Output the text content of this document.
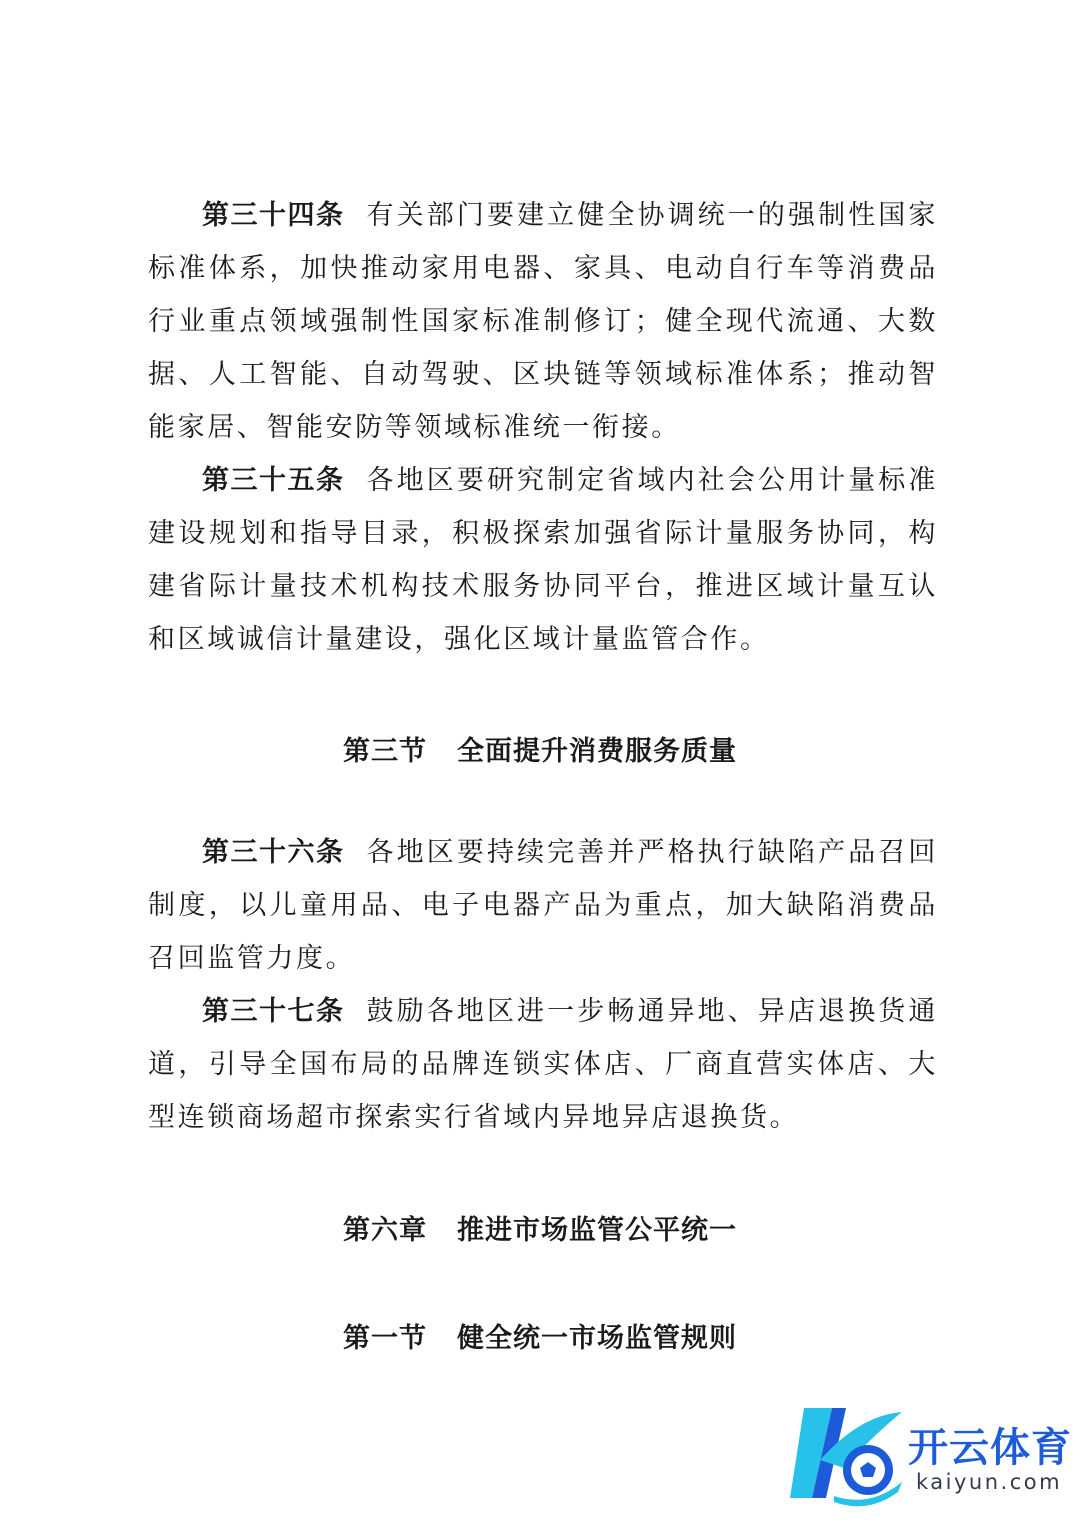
第三十四条 有关部门要建立健全协调统一的强制性国家标准体系，加快推动家用电器、家具、电动自行车等消费品行业重点领域强制性国家标准制修订；健全现代流通、大数据、人工智能、自动驾驶、区块链等领域标准体系；推动智能家居、智能安防等领域标准统一衔接。

第三十五条 各地区要研究制定省域内社会公用计量标准建设规划和指导目录，积极探索加强省际计量服务协同，构建省际计量技术机构技术服务协同平台，推进区域计量互认和区域诚信计量建设，强化区域计量监管合作。

第三节 全面提升消费服务质量

第三十六条 各地区要持续完善并严格执行缺陷产品召回制度，以儿童用品、电子电器产品为重点，加大缺陷消费品召回监管力度。

第三十七条 鼓励各地区进一步畅通异地、异店退换货通道，引导全国布局的品牌连锁实体店、厂商直营实体店、大型连锁商场超市探索实行省域内异地异店退换货。

第六章 推进市场监管公平统一
第一节 健全统一市场监管规则
开云体育
kaiyun.com
